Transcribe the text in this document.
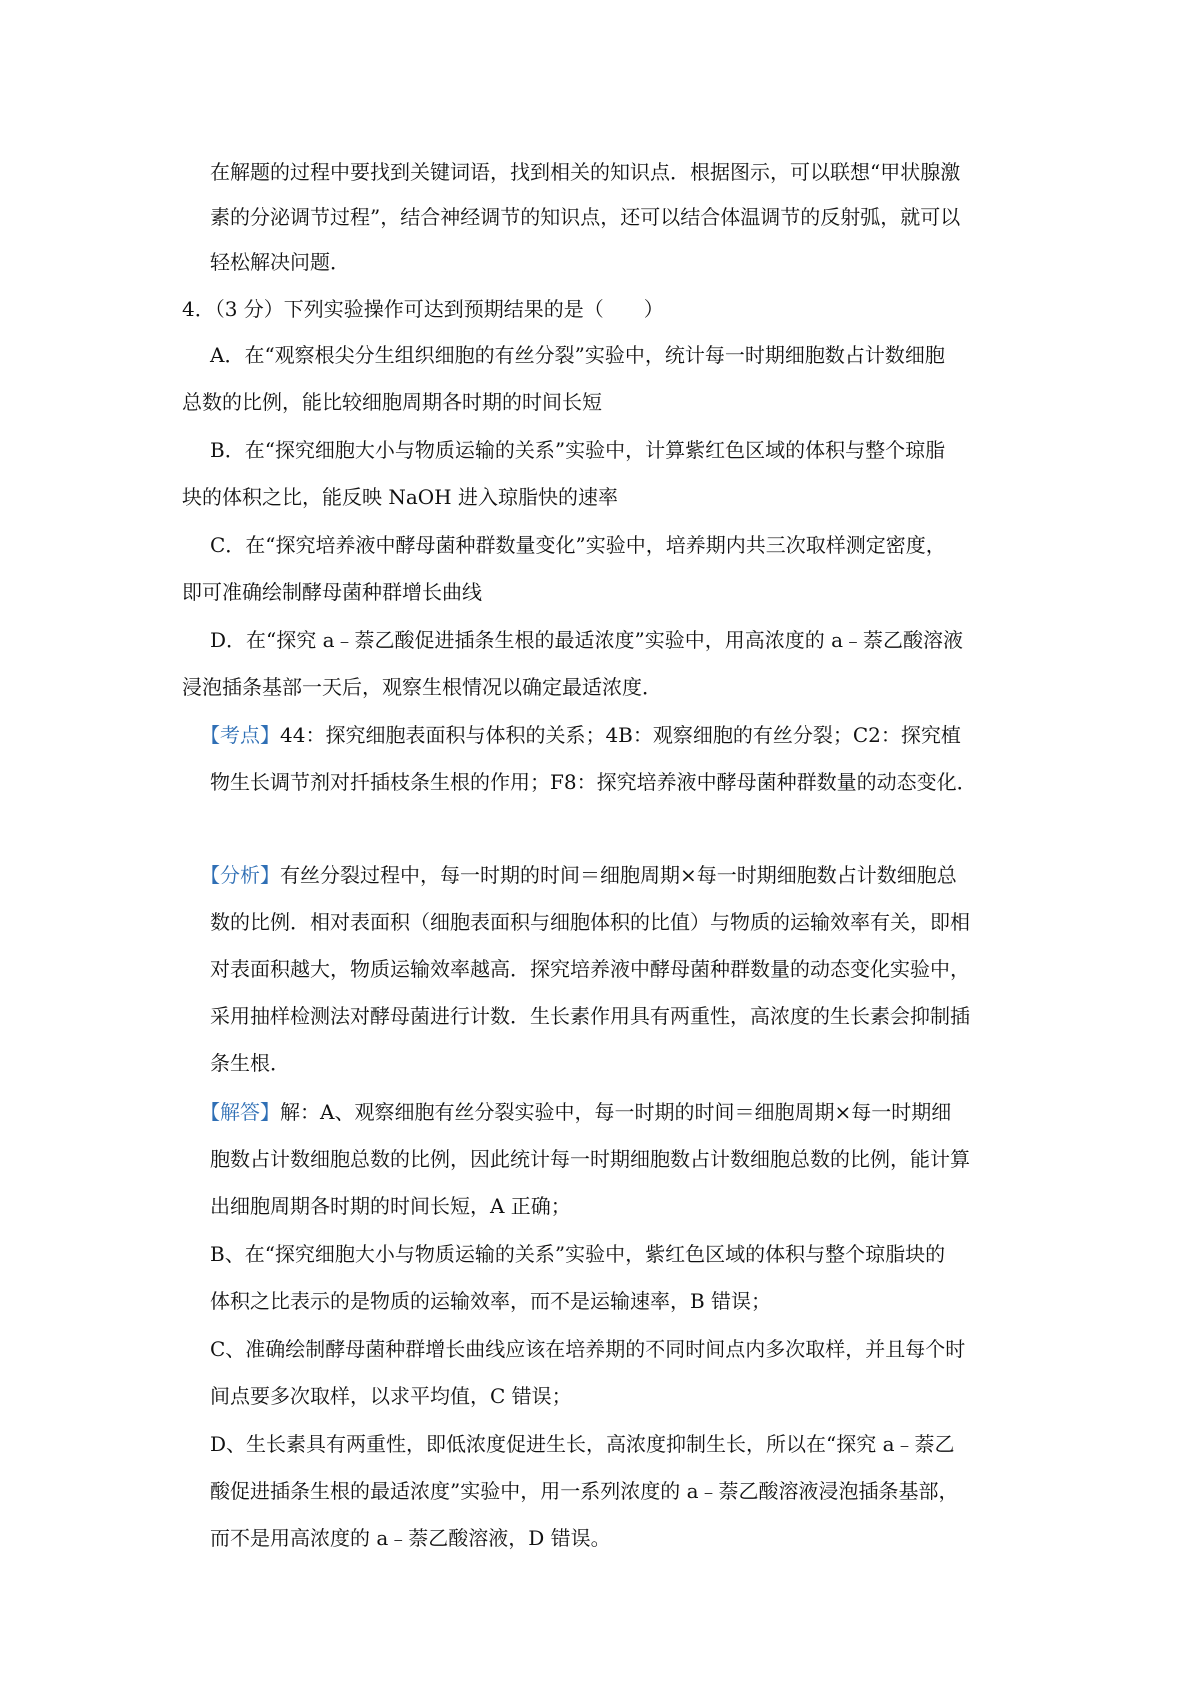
在解题的过程中要找到关键词语，找到相关的知识点．根据图示，可以联想“甲状腺激
素的分泌调节过程”，结合神经调节的知识点，还可以结合体温调节的反射弧，就可以
轻松解决问题．
4．（3 分）下列实验操作可达到预期结果的是（　　）
A．在“观察根尖分生组织细胞的有丝分裂”实验中，统计每一时期细胞数占计数细胞
总数的比例，能比较细胞周期各时期的时间长短
B．在“探究细胞大小与物质运输的关系”实验中，计算紫红色区域的体积与整个琼脂
块的体积之比，能反映 NaOH 进入琼脂快的速率
C．在“探究培养液中酵母菌种群数量变化”实验中，培养期内共三次取样测定密度，
即可准确绘制酵母菌种群增长曲线
D．在“探究 a﹣萘乙酸促进插条生根的最适浓度”实验中，用高浓度的 a﹣萘乙酸溶液
浸泡插条基部一天后，观察生根情况以确定最适浓度．
【考点】44：探究细胞表面积与体积的关系；4B：观察细胞的有丝分裂；C2：探究植
物生长调节剂对扦插枝条生根的作用；F8：探究培养液中酵母菌种群数量的动态变化．
【分析】有丝分裂过程中，每一时期的时间＝细胞周期×每一时期细胞数占计数细胞总
数的比例．相对表面积（细胞表面积与细胞体积的比值）与物质的运输效率有关，即相
对表面积越大，物质运输效率越高．探究培养液中酵母菌种群数量的动态变化实验中，
采用抽样检测法对酵母菌进行计数．生长素作用具有两重性，高浓度的生长素会抑制插
条生根．
【解答】解：A、观察细胞有丝分裂实验中，每一时期的时间＝细胞周期×每一时期细
胞数占计数细胞总数的比例，因此统计每一时期细胞数占计数细胞总数的比例，能计算
出细胞周期各时期的时间长短，A 正确；
B、在“探究细胞大小与物质运输的关系”实验中，紫红色区域的体积与整个琼脂块的
体积之比表示的是物质的运输效率，而不是运输速率，B 错误；
C、准确绘制酵母菌种群增长曲线应该在培养期的不同时间点内多次取样，并且每个时
间点要多次取样，以求平均值，C 错误；
D、生长素具有两重性，即低浓度促进生长，高浓度抑制生长，所以在“探究 a﹣萘乙
酸促进插条生根的最适浓度”实验中，用一系列浓度的 a﹣萘乙酸溶液浸泡插条基部，
而不是用高浓度的 a﹣萘乙酸溶液，D 错误。
